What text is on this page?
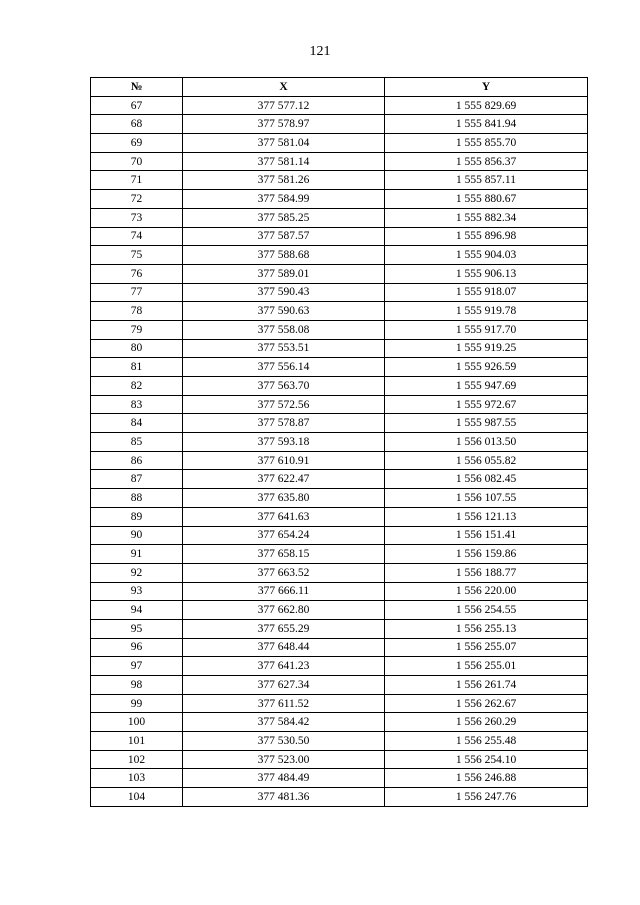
121
№	X	Y
67	377 577.12	1 555 829.69
68	377 578.97	1 555 841.94
69	377 581.04	1 555 855.70
70	377 581.14	1 555 856.37
71	377 581.26	1 555 857.11
72	377 584.99	1 555 880.67
73	377 585.25	1 555 882.34
74	377 587.57	1 555 896.98
75	377 588.68	1 555 904.03
76	377 589.01	1 555 906.13
77	377 590.43	1 555 918.07
78	377 590.63	1 555 919.78
79	377 558.08	1 555 917.70
80	377 553.51	1 555 919.25
81	377 556.14	1 555 926.59
82	377 563.70	1 555 947.69
83	377 572.56	1 555 972.67
84	377 578.87	1 555 987.55
85	377 593.18	1 556 013.50
86	377 610.91	1 556 055.82
87	377 622.47	1 556 082.45
88	377 635.80	1 556 107.55
89	377 641.63	1 556 121.13
90	377 654.24	1 556 151.41
91	377 658.15	1 556 159.86
92	377 663.52	1 556 188.77
93	377 666.11	1 556 220.00
94	377 662.80	1 556 254.55
95	377 655.29	1 556 255.13
96	377 648.44	1 556 255.07
97	377 641.23	1 556 255.01
98	377 627.34	1 556 261.74
99	377 611.52	1 556 262.67
100	377 584.42	1 556 260.29
101	377 530.50	1 556 255.48
102	377 523.00	1 556 254.10
103	377 484.49	1 556 246.88
104	377 481.36	1 556 247.76
